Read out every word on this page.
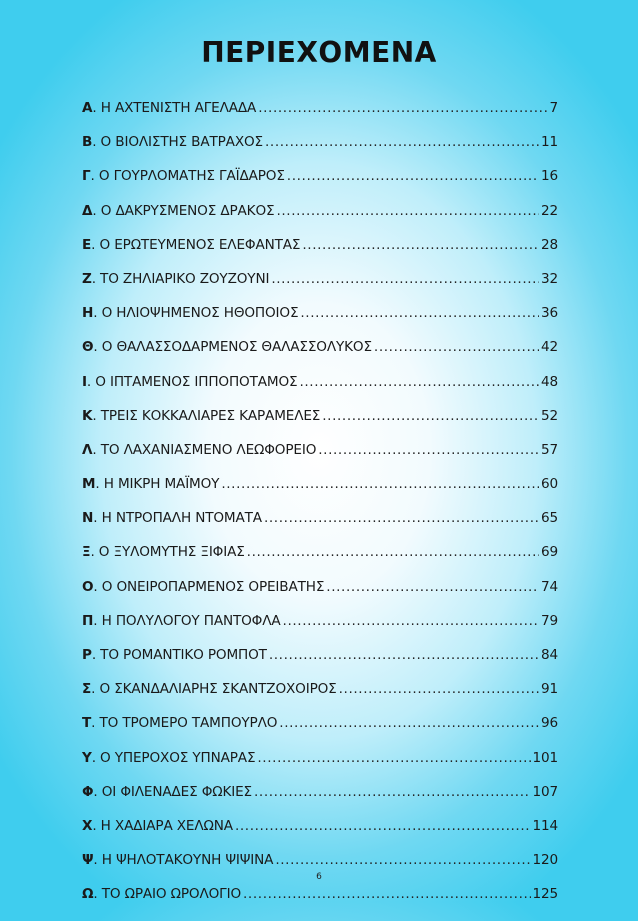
ΠΕΡΙΕΧΟΜΕΝΑ
Α . Η ΑΧΤΕΝΙΣΤΗ ΑΓΕΛΑΔΑ .....	7
Β . Ο ΒΙΟΛΙΣΤΗΣ ΒΑΤΡΑΧΟΣ .....	11
Γ . Ο ΓΟΥΡΛΟΜΑΤΗΣ ΓΑΪΔΑΡΟΣ .....	16
Δ . Ο ΔΑΚΡΥΣΜΕΝΟΣ ΔΡΑΚΟΣ .....	22
Ε . Ο ΕΡΩΤΕΥΜΕΝΟΣ ΕΛΕΦΑΝΤΑΣ .....	28
Ζ . ΤΟ ΖΗΛΙΑΡΙΚΟ ΖΟΥΖΟΥΝΙ .....	32
Η . Ο ΗΛΙΟΨΗΜΕΝΟΣ ΗΘΟΠΟΙΟΣ .....	36
Θ . Ο ΘΑΛΑΣΣΟΔΑΡΜΕΝΟΣ ΘΑΛΑΣΣΟΛΥΚΟΣ .....	42
Ι . Ο ΙΠΤΑΜΕΝΟΣ ΙΠΠΟΠΟΤΑΜΟΣ .....	48
Κ . ΤΡΕΙΣ ΚΟΚΚΑΛΙΑΡΕΣ ΚΑΡΑΜΕΛΕΣ .....	52
Λ . ΤΟ ΛΑΧΑΝΙΑΣΜΕΝΟ ΛΕΩΦΟΡΕΙΟ .....	57
Μ . Η ΜΙΚΡΗ ΜΑΪΜΟΥ .....	60
Ν . Η ΝΤΡΟΠΑΛΗ ΝΤΟΜΑΤΑ .....	65
Ξ . Ο ΞΥΛΟΜΥΤΗΣ ΞΙΦΙΑΣ .....	69
Ο . Ο ΟΝΕΙΡΟΠΑΡΜΕΝΟΣ ΟΡΕΙΒΑΤΗΣ .....	74
Π . Η ΠΟΛΥΛΟΓΟΥ ΠΑΝΤΟΦΛΑ .....	79
Ρ . ΤΟ ΡΟΜΑΝΤΙΚΟ ΡΟΜΠΟΤ .....	84
Σ . Ο ΣΚΑΝΔΑΛΙΑΡΗΣ ΣΚΑΝΤΖΟΧΟΙΡΟΣ .....	91
Τ . ΤΟ ΤΡΟΜΕΡΟ ΤΑΜΠΟΥΡΛΟ .....	96
Υ . Ο ΥΠΕΡΟΧΟΣ ΥΠΝΑΡΑΣ .....	101
Φ . ΟΙ ΦΙΛΕΝΑΔΕΣ ΦΩΚΙΕΣ .....	107
Χ . Η ΧΑΔΙΑΡΑ ΧΕΛΩΝΑ .....	114
Ψ . Η ΨΗΛΟΤΑΚΟΥΝΗ ΨΙΨΙΝΑ .....	120
Ω . ΤΟ ΩΡΑΙΟ ΩΡΟΛΟΓΙΟ .....	125
6
